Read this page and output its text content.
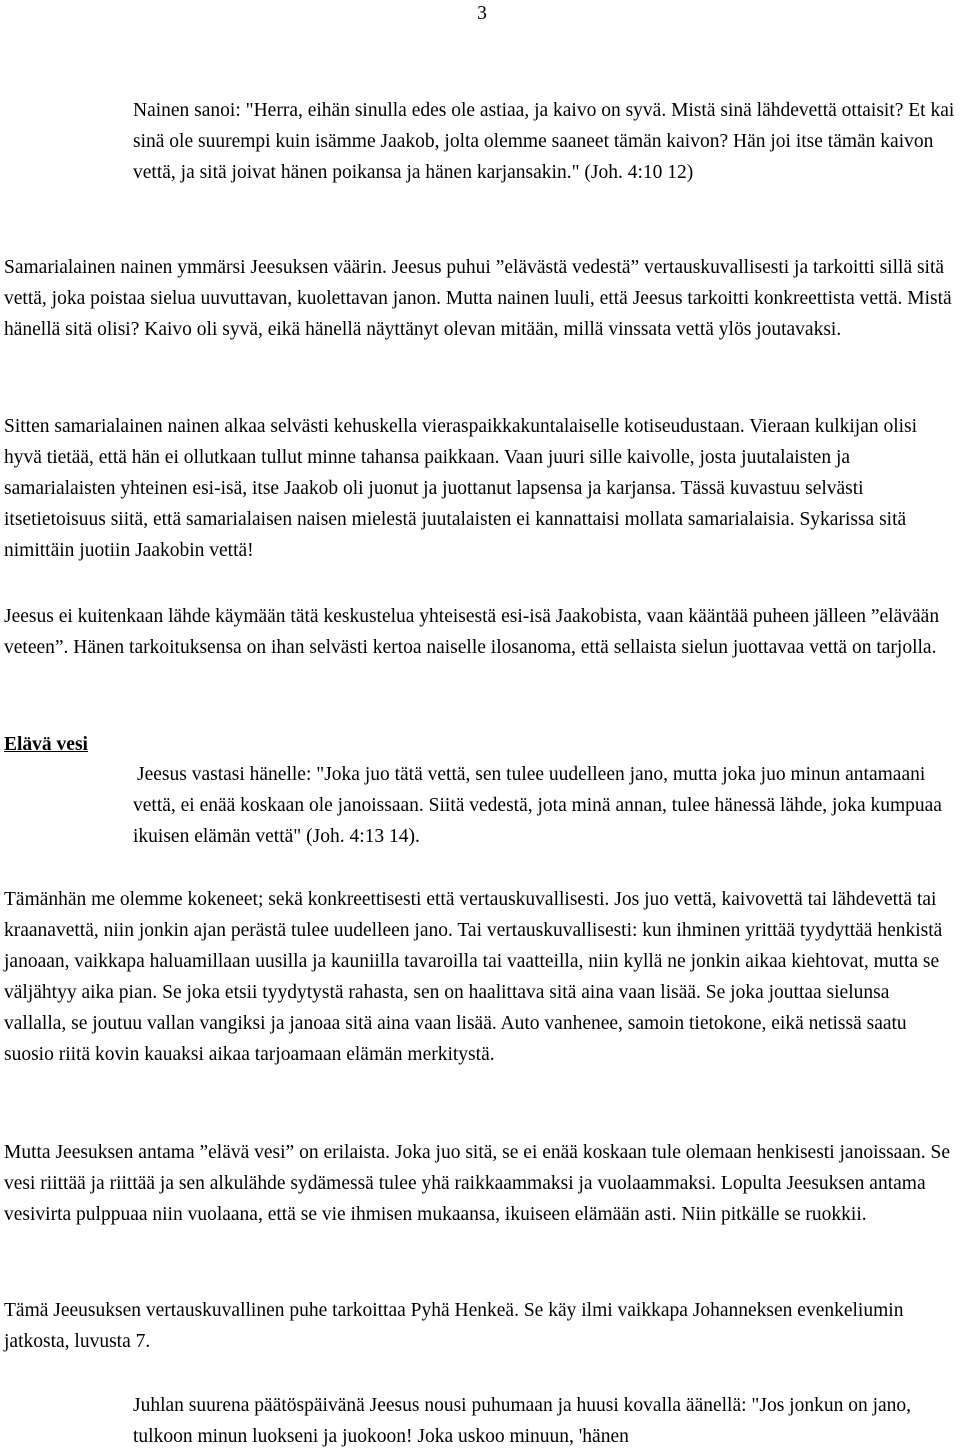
3

Nainen sanoi: "Herra, eihän sinulla edes ole astiaa, ja kaivo on syvä. Mistä sinä lähdevettä ottaisit? Et kai sinä ole suurempi kuin isämme Jaakob, jolta olemme saaneet tämän kaivon? Hän joi itse tämän kaivon vettä, ja sitä joivat hänen poikansa ja hänen karjansakin." (Joh. 4:10 12)

Samarialainen nainen ymmärsi Jeesuksen väärin. Jeesus puhui ”elävästä vedestä” vertauskuvallisesti ja tarkoitti sillä sitä vettä, joka poistaa sielua uuvuttavan, kuolettavan janon. Mutta nainen luuli, että Jeesus tarkoitti konkreettista vettä. Mistä hänellä sitä olisi? Kaivo oli syvä, eikä hänellä näyttänyt olevan mitään, millä vinssata vettä ylös joutavaksi.

Sitten samarialainen nainen alkaa selvästi kehuskella vieraspaikkakuntalaiselle kotiseudustaan. Vieraan kulkijan olisi hyvä tietää, että hän ei ollutkaan tullut minne tahansa paikkaan. Vaan juuri sille kaivolle, josta juutalaisten ja samarialaisten yhteinen esi-isä, itse Jaakob oli juonut ja juottanut lapsensa ja karjansa. Tässä kuvastuu selvästi itsetietoisuus siitä, että samarialaisen naisen mielestä juutalaisten ei kannattaisi mollata samarialaisia. Sykarissa sitä nimittäin juotiin Jaakobin vettä!

Jeesus ei kuitenkaan lähde käymään tätä keskustelua yhteisestä esi-isä Jaakobista, vaan kääntää puheen jälleen ”elävään veteen”. Hänen tarkoituksensa on ihan selvästi kertoa naiselle ilosanoma, että sellaista sielun juottavaa vettä on tarjolla.

Elävä vesi

Jeesus vastasi hänelle: "Joka juo tätä vettä, sen tulee uudelleen jano, mutta joka juo minun antamaani vettä, ei enää koskaan ole janoissaan. Siitä vedestä, jota minä annan, tulee hänessä lähde, joka kumpuaa ikuisen elämän vettä" (Joh. 4:13 14).

Tämänhän me olemme kokeneet; sekä konkreettisesti että vertauskuvallisesti. Jos juo vettä, kaivovettä tai lähdevettä tai kraanavettä, niin jonkin ajan perästä tulee uudelleen jano. Tai vertauskuvallisesti: kun ihminen yrittää tyydyttää henkistä janoaan, vaikkapa haluamillaan uusilla ja kauniilla tavaroilla tai vaatteilla, niin kyllä ne jonkin aikaa kiehtovat, mutta se väljähtyy aika pian. Se joka etsii tyydytystä rahasta, sen on haalittava sitä aina vaan lisää. Se joka jouttaa sielunsa vallalla, se joutuu vallan vangiksi ja janoaa sitä aina vaan lisää. Auto vanhenee, samoin tietokone, eikä netissä saatu suosio riitä kovin kauaksi aikaa tarjoamaan elämän merkitystä.

Mutta Jeesuksen antama ”elävä vesi” on erilaista. Joka juo sitä, se ei enää koskaan tule olemaan henkisesti janoissaan. Se vesi riittää ja riittää ja sen alkulähde sydämessä tulee yhä raikkaammaksi ja vuolaammaksi. Lopulta Jeesuksen antama vesivirta pulppuaa niin vuolaana, että se vie ihmisen mukaansa, ikuiseen elämään asti. Niin pitkälle se ruokkii.

Tämä Jeeusuksen vertauskuvallinen puhe tarkoittaa Pyhä Henkeä. Se käy ilmi vaikkapa Johanneksen evenkeliumin jatkosta, luvusta 7.

Juhlan suurena päätöspäivänä Jeesus nousi puhumaan ja huusi kovalla äänellä: "Jos jonkun on jano, tulkoon minun luokseni ja juokoon! Joka uskoo minuun, 'hänen
